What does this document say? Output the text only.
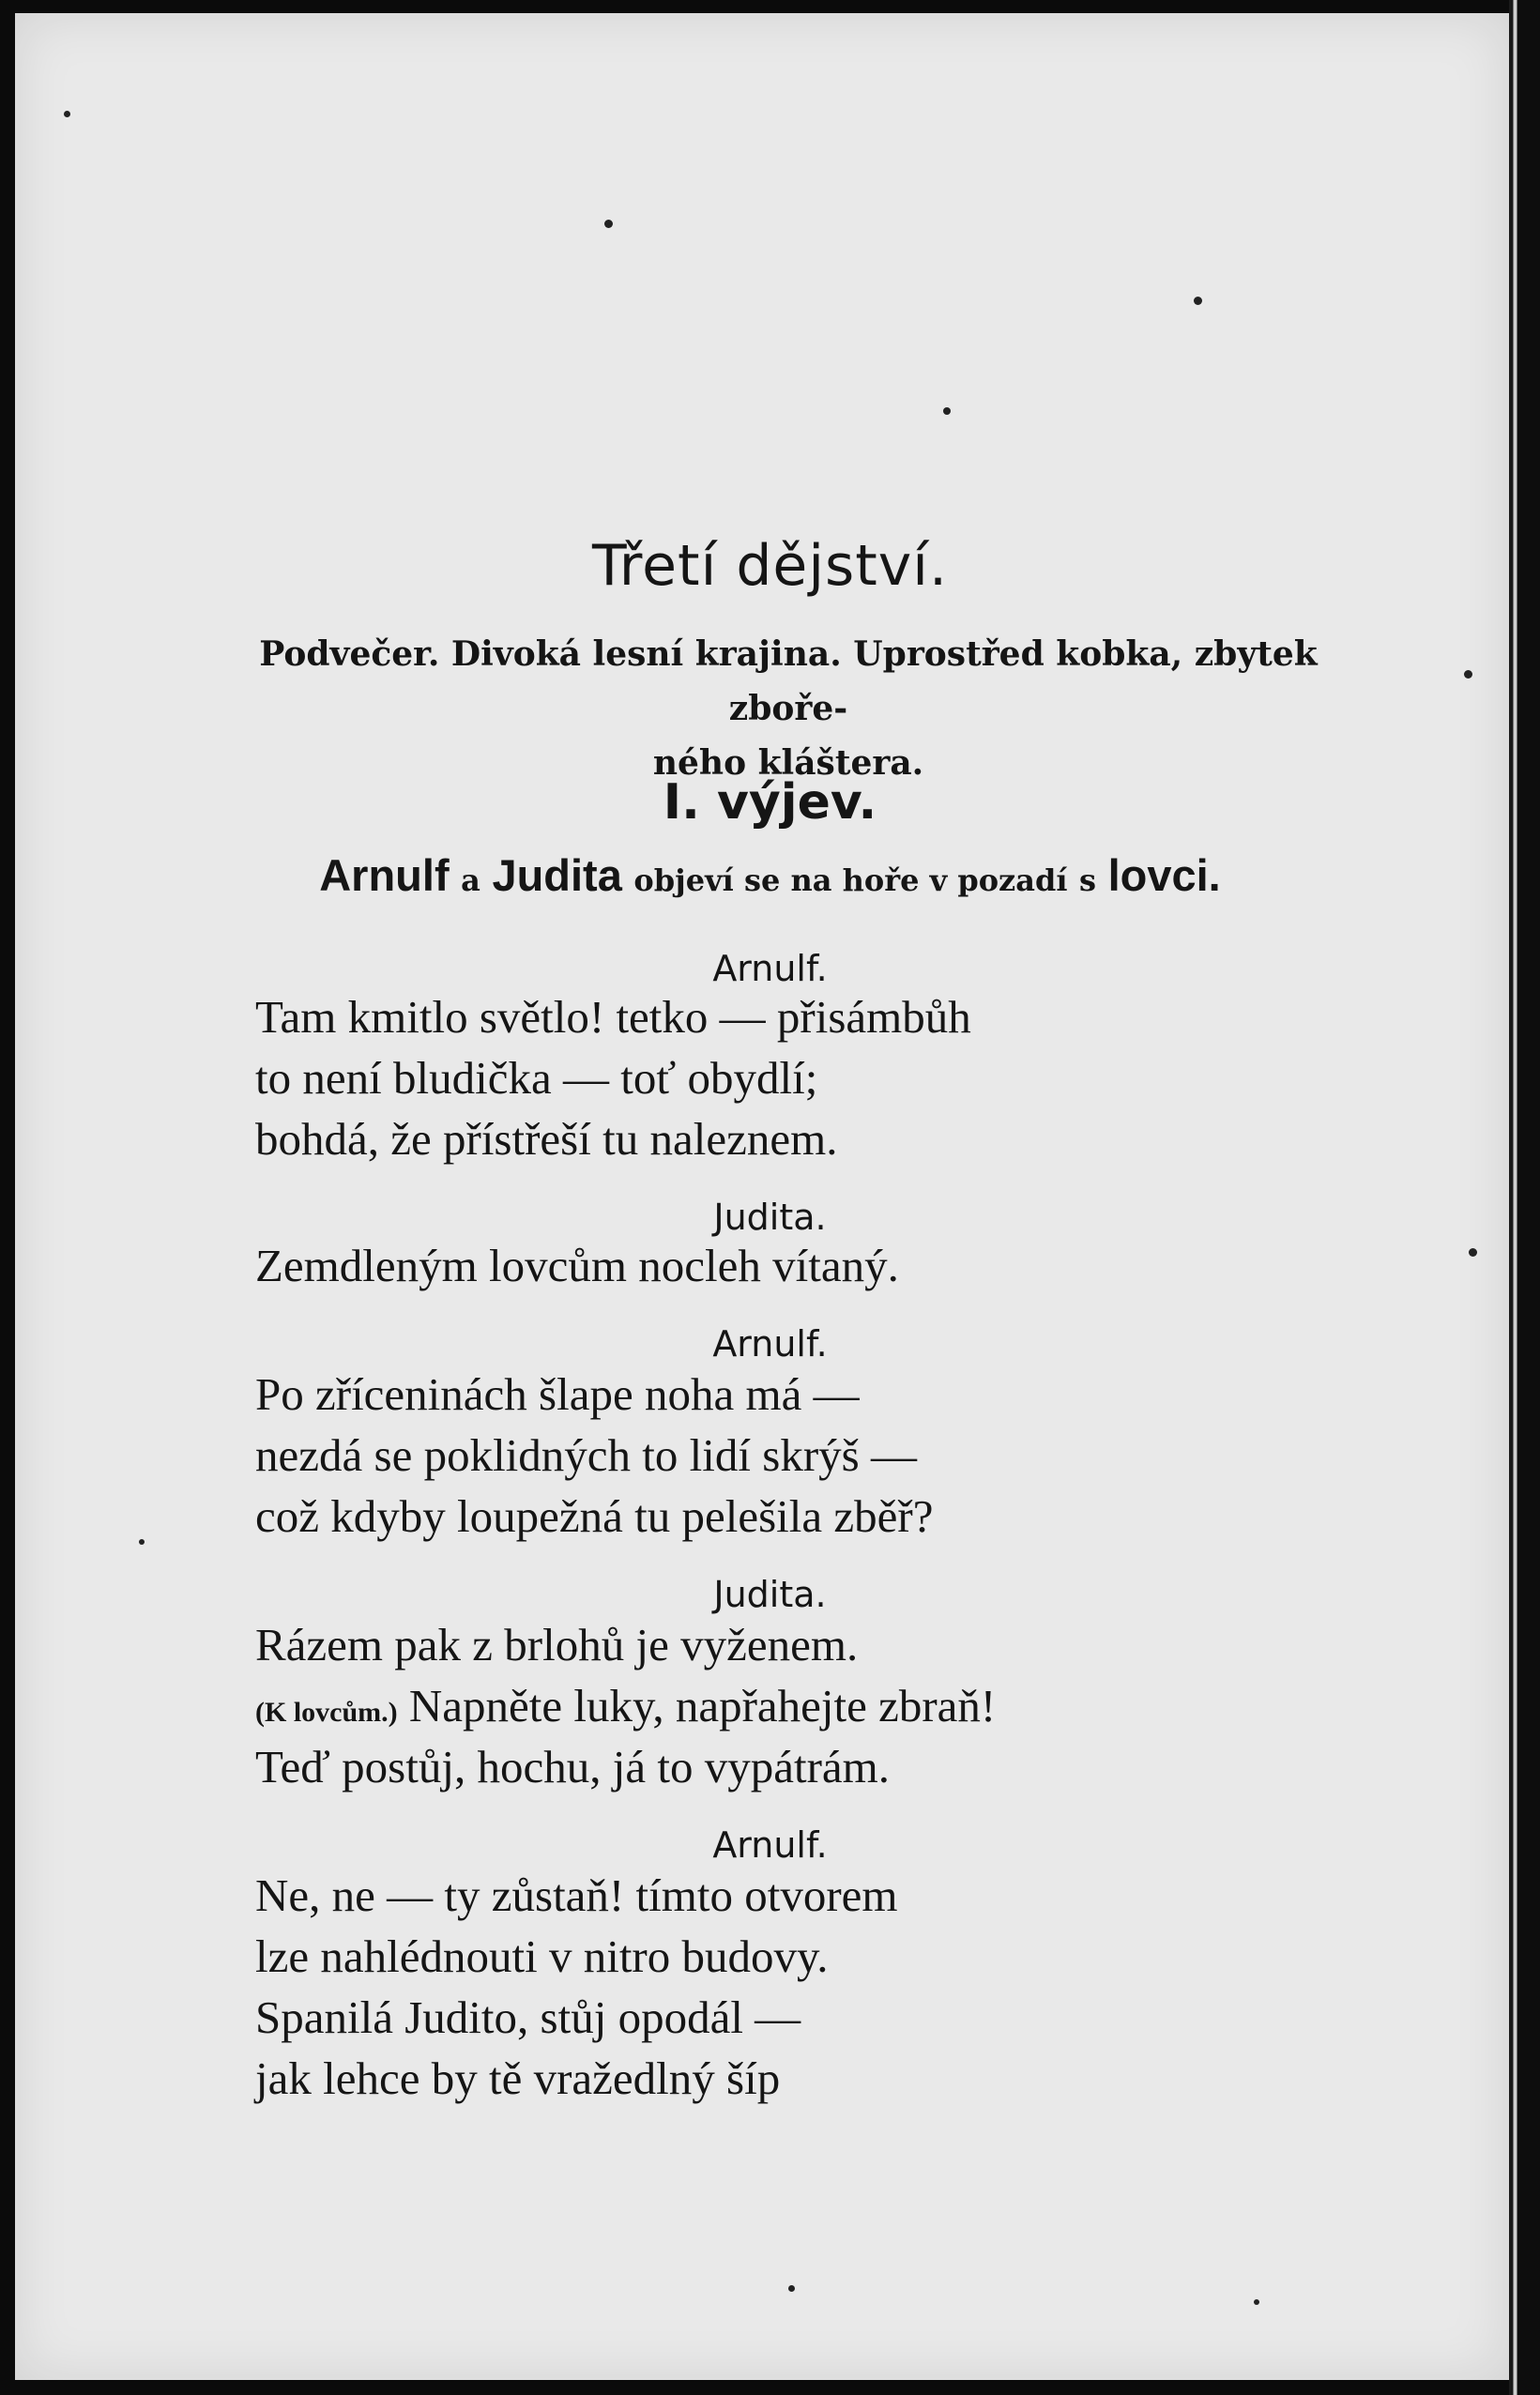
Třetí dějství.
Podvečer. Divoká lesní krajina. Uprostřed kobka, zbytek zboře-
ného kláštera.
I. výjev.
Arnulf a Judita objeví se na hoře v pozadí s lovci.
Arnulf.
Tam kmitlo světlo! tetko — přisámbůh
to není bludička — toť obydlí;
bohdá, že přístřeší tu naleznem.
Judita.
Zemdleným lovcům nocleh vítaný.
Arnulf.
Po zříceninách šlape noha má —
nezdá se poklidných to lidí skrýš —
což kdyby loupežná tu pelešila zběř?
Judita.
Rázem pak z brlohů je vyženem.
(K lovcům.) Napněte luky, napřahejte zbraň!
Teď postůj, hochu, já to vypátrám.
Arnulf.
Ne, ne — ty zůstaň! tímto otvorem
lze nahlédnouti v nitro budovy.
Spanilá Judito, stůj opodál —
jak lehce by tě vražedlný šíp
